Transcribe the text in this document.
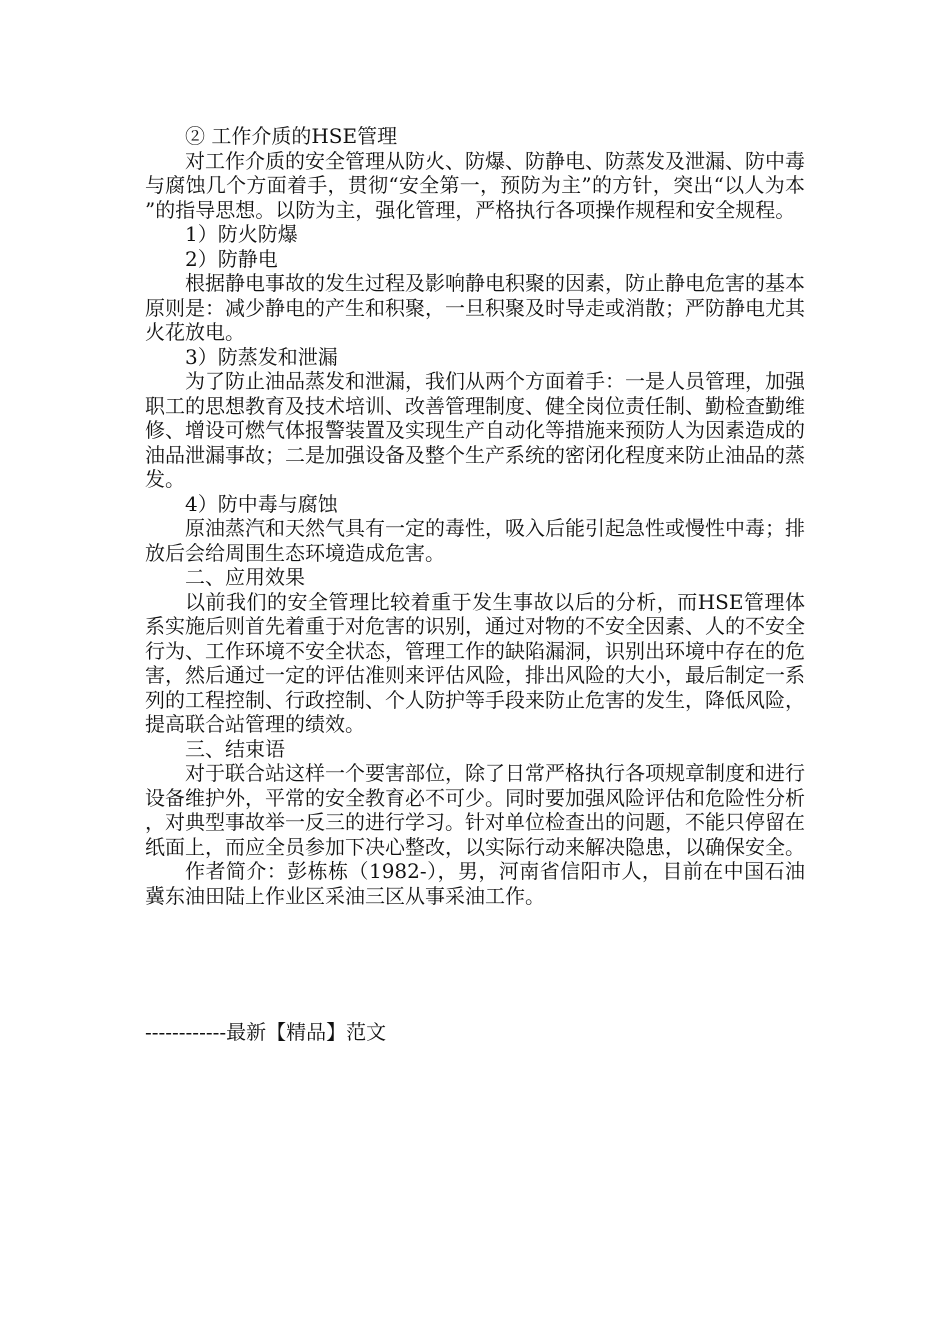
② 工作介质的HSE管理

对工作介质的安全管理从防火、防爆、防静电、防蒸发及泄漏、防中毒与腐蚀几个方面着手，贯彻“安全第一，预防为主”的方针，突出“以人为本”的指导思想。以防为主，强化管理，严格执行各项操作规程和安全规程。

1）防火防爆

2）防静电

根据静电事故的发生过程及影响静电积聚的因素，防止静电危害的基本原则是：减少静电的产生和积聚，一旦积聚及时导走或消散；严防静电尤其火花放电。

3）防蒸发和泄漏

为了防止油品蒸发和泄漏，我们从两个方面着手：一是人员管理，加强职工的思想教育及技术培训、改善管理制度、健全岗位责任制、勤检查勤维修、增设可燃气体报警装置及实现生产自动化等措施来预防人为因素造成的油品泄漏事故；二是加强设备及整个生产系统的密闭化程度来防止油品的蒸发。

4）防中毒与腐蚀

原油蒸汽和天然气具有一定的毒性，吸入后能引起急性或慢性中毒；排放后会给周围生态环境造成危害。

二、应用效果

以前我们的安全管理比较着重于发生事故以后的分析，而HSE管理体系实施后则首先着重于对危害的识别，通过对物的不安全因素、人的不安全行为、工作环境不安全状态，管理工作的缺陷漏洞，识别出环境中存在的危害，然后通过一定的评估准则来评估风险，排出风险的大小，最后制定一系列的工程控制、行政控制、个人防护等手段来防止危害的发生，降低风险，提高联合站管理的绩效。

三、结束语

对于联合站这样一个要害部位，除了日常严格执行各项规章制度和进行设备维护外，平常的安全教育必不可少。同时要加强风险评估和危险性分析，对典型事故举一反三的进行学习。针对单位检查出的问题，不能只停留在纸面上，而应全员参加下决心整改，以实际行动来解决隐患，以确保安全。

作者简介：彭栋栋（1982-），男，河南省信阳市人，目前在中国石油冀东油田陆上作业区采油三区从事采油工作。

------------最新【精品】范文
